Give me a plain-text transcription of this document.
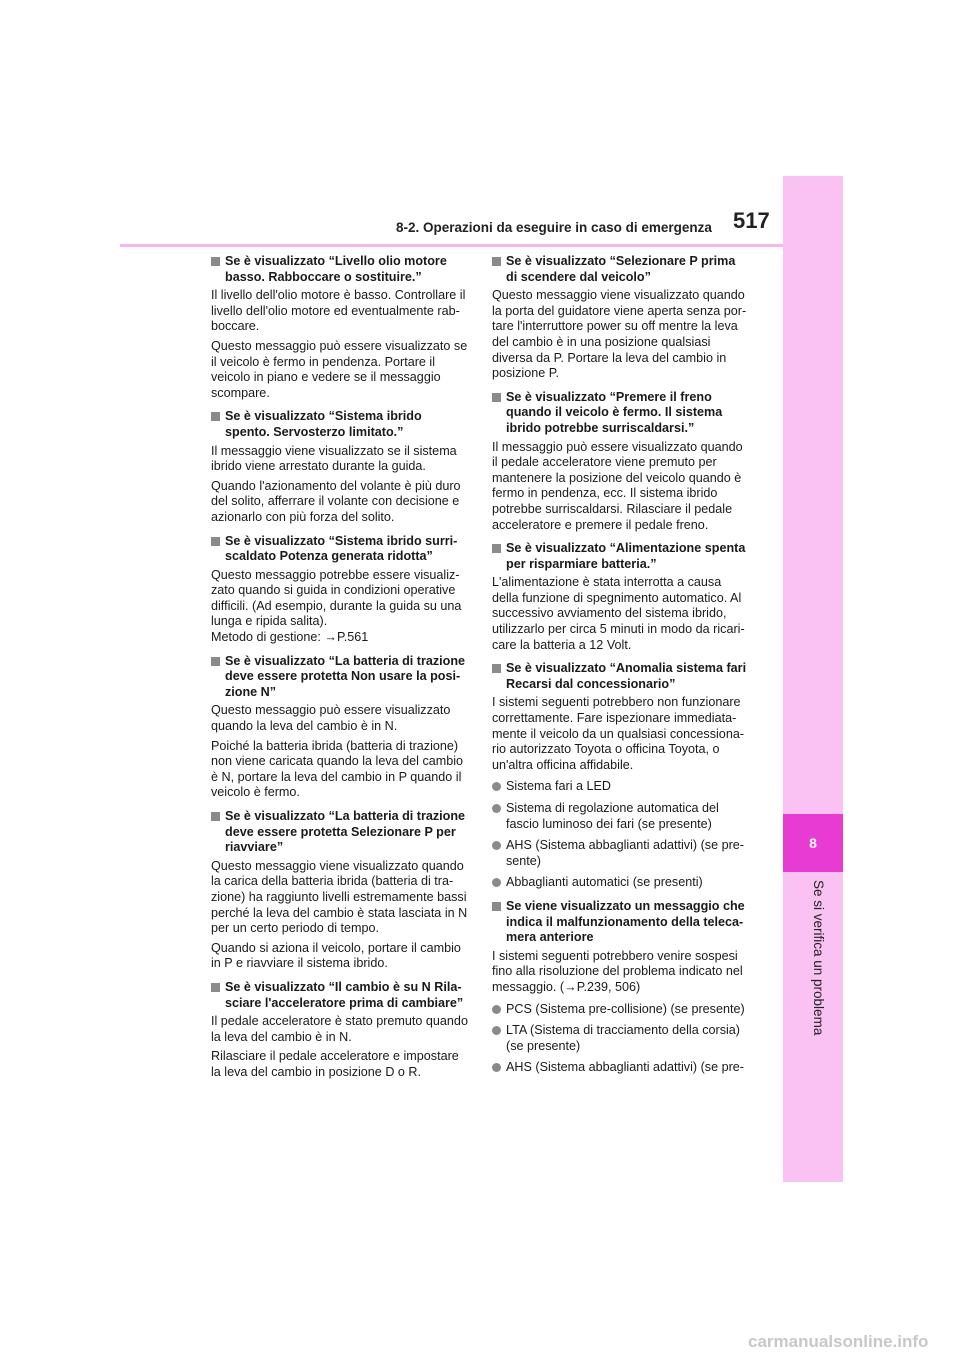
8
Se si verifica un problema
8-2. Operazioni da eseguire in caso di emergenza 517
Se è visualizzato “Livello olio motore basso. Rabboccare o sostituire.”

Il livello dell'olio motore è basso. Controllare il livello dell'olio motore ed eventualmente rab-boccare.

Questo messaggio può essere visualizzato se il veicolo è fermo in pendenza. Portare il veicolo in piano e vedere se il messaggio scompare.

Se è visualizzato “Sistema ibrido spento. Servosterzo limitato.”

Il messaggio viene visualizzato se il sistema ibrido viene arrestato durante la guida.

Quando l'azionamento del volante è più duro del solito, afferrare il volante con decisione e azionarlo con più forza del solito.

Se è visualizzato “Sistema ibrido surri-scaldato Potenza generata ridotta”

Questo messaggio potrebbe essere visualiz-zato quando si guida in condizioni operative difficili. (Ad esempio, durante la guida su una lunga e ripida salita).

Metodo di gestione: →P.561

Se è visualizzato “La batteria di trazione deve essere protetta Non usare la posi-zione N”

Questo messaggio può essere visualizzato quando la leva del cambio è in N.

Poiché la batteria ibrida (batteria di trazione) non viene caricata quando la leva del cambio è N, portare la leva del cambio in P quando il veicolo è fermo.

Se è visualizzato “La batteria di trazione deve essere protetta Selezionare P per riavviare”

Questo messaggio viene visualizzato quando la carica della batteria ibrida (batteria di tra-zione) ha raggiunto livelli estremamente bassi perché la leva del cambio è stata lasciata in N per un certo periodo di tempo.

Quando si aziona il veicolo, portare il cambio in P e riavviare il sistema ibrido.

Se è visualizzato “Il cambio è su N Rila-sciare l'acceleratore prima di cambiare”

Il pedale acceleratore è stato premuto quando la leva del cambio è in N.

Rilasciare il pedale acceleratore e impostare la leva del cambio in posizione D o R.

Se è visualizzato “Selezionare P prima di scendere dal veicolo”

Questo messaggio viene visualizzato quando la porta del guidatore viene aperta senza por-tare l'interruttore power su off mentre la leva del cambio è in una posizione qualsiasi diversa da P. Portare la leva del cambio in posizione P.

Se è visualizzato “Premere il freno quando il veicolo è fermo. Il sistema ibrido potrebbe surriscaldarsi.”

Il messaggio può essere visualizzato quando il pedale acceleratore viene premuto per mantenere la posizione del veicolo quando è fermo in pendenza, ecc. Il sistema ibrido potrebbe surriscaldarsi. Rilasciare il pedale acceleratore e premere il pedale freno.

Se è visualizzato “Alimentazione spenta per risparmiare batteria.”

L'alimentazione è stata interrotta a causa della funzione di spegnimento automatico. Al successivo avviamento del sistema ibrido, utilizzarlo per circa 5 minuti in modo da ricari-care la batteria a 12 Volt.

Se è visualizzato “Anomalia sistema fari Recarsi dal concessionario”

I sistemi seguenti potrebbero non funzionare correttamente. Fare ispezionare immediata-mente il veicolo da un qualsiasi concessiona-rio autorizzato Toyota o officina Toyota, o un'altra officina affidabile.

Sistema fari a LED
Sistema di regolazione automatica del fascio luminoso dei fari (se presente)
AHS (Sistema abbaglianti adattivi) (se pre-sente)
Abbaglianti automatici (se presenti)
Se viene visualizzato un messaggio che indica il malfunzionamento della teleca-mera anteriore

I sistemi seguenti potrebbero venire sospesi fino alla risoluzione del problema indicato nel messaggio. (→P.239, 506)

PCS (Sistema pre-collisione) (se presente)
LTA (Sistema di tracciamento della corsia) (se presente)
AHS (Sistema abbaglianti adattivi) (se pre-
carmanualsonline.info
